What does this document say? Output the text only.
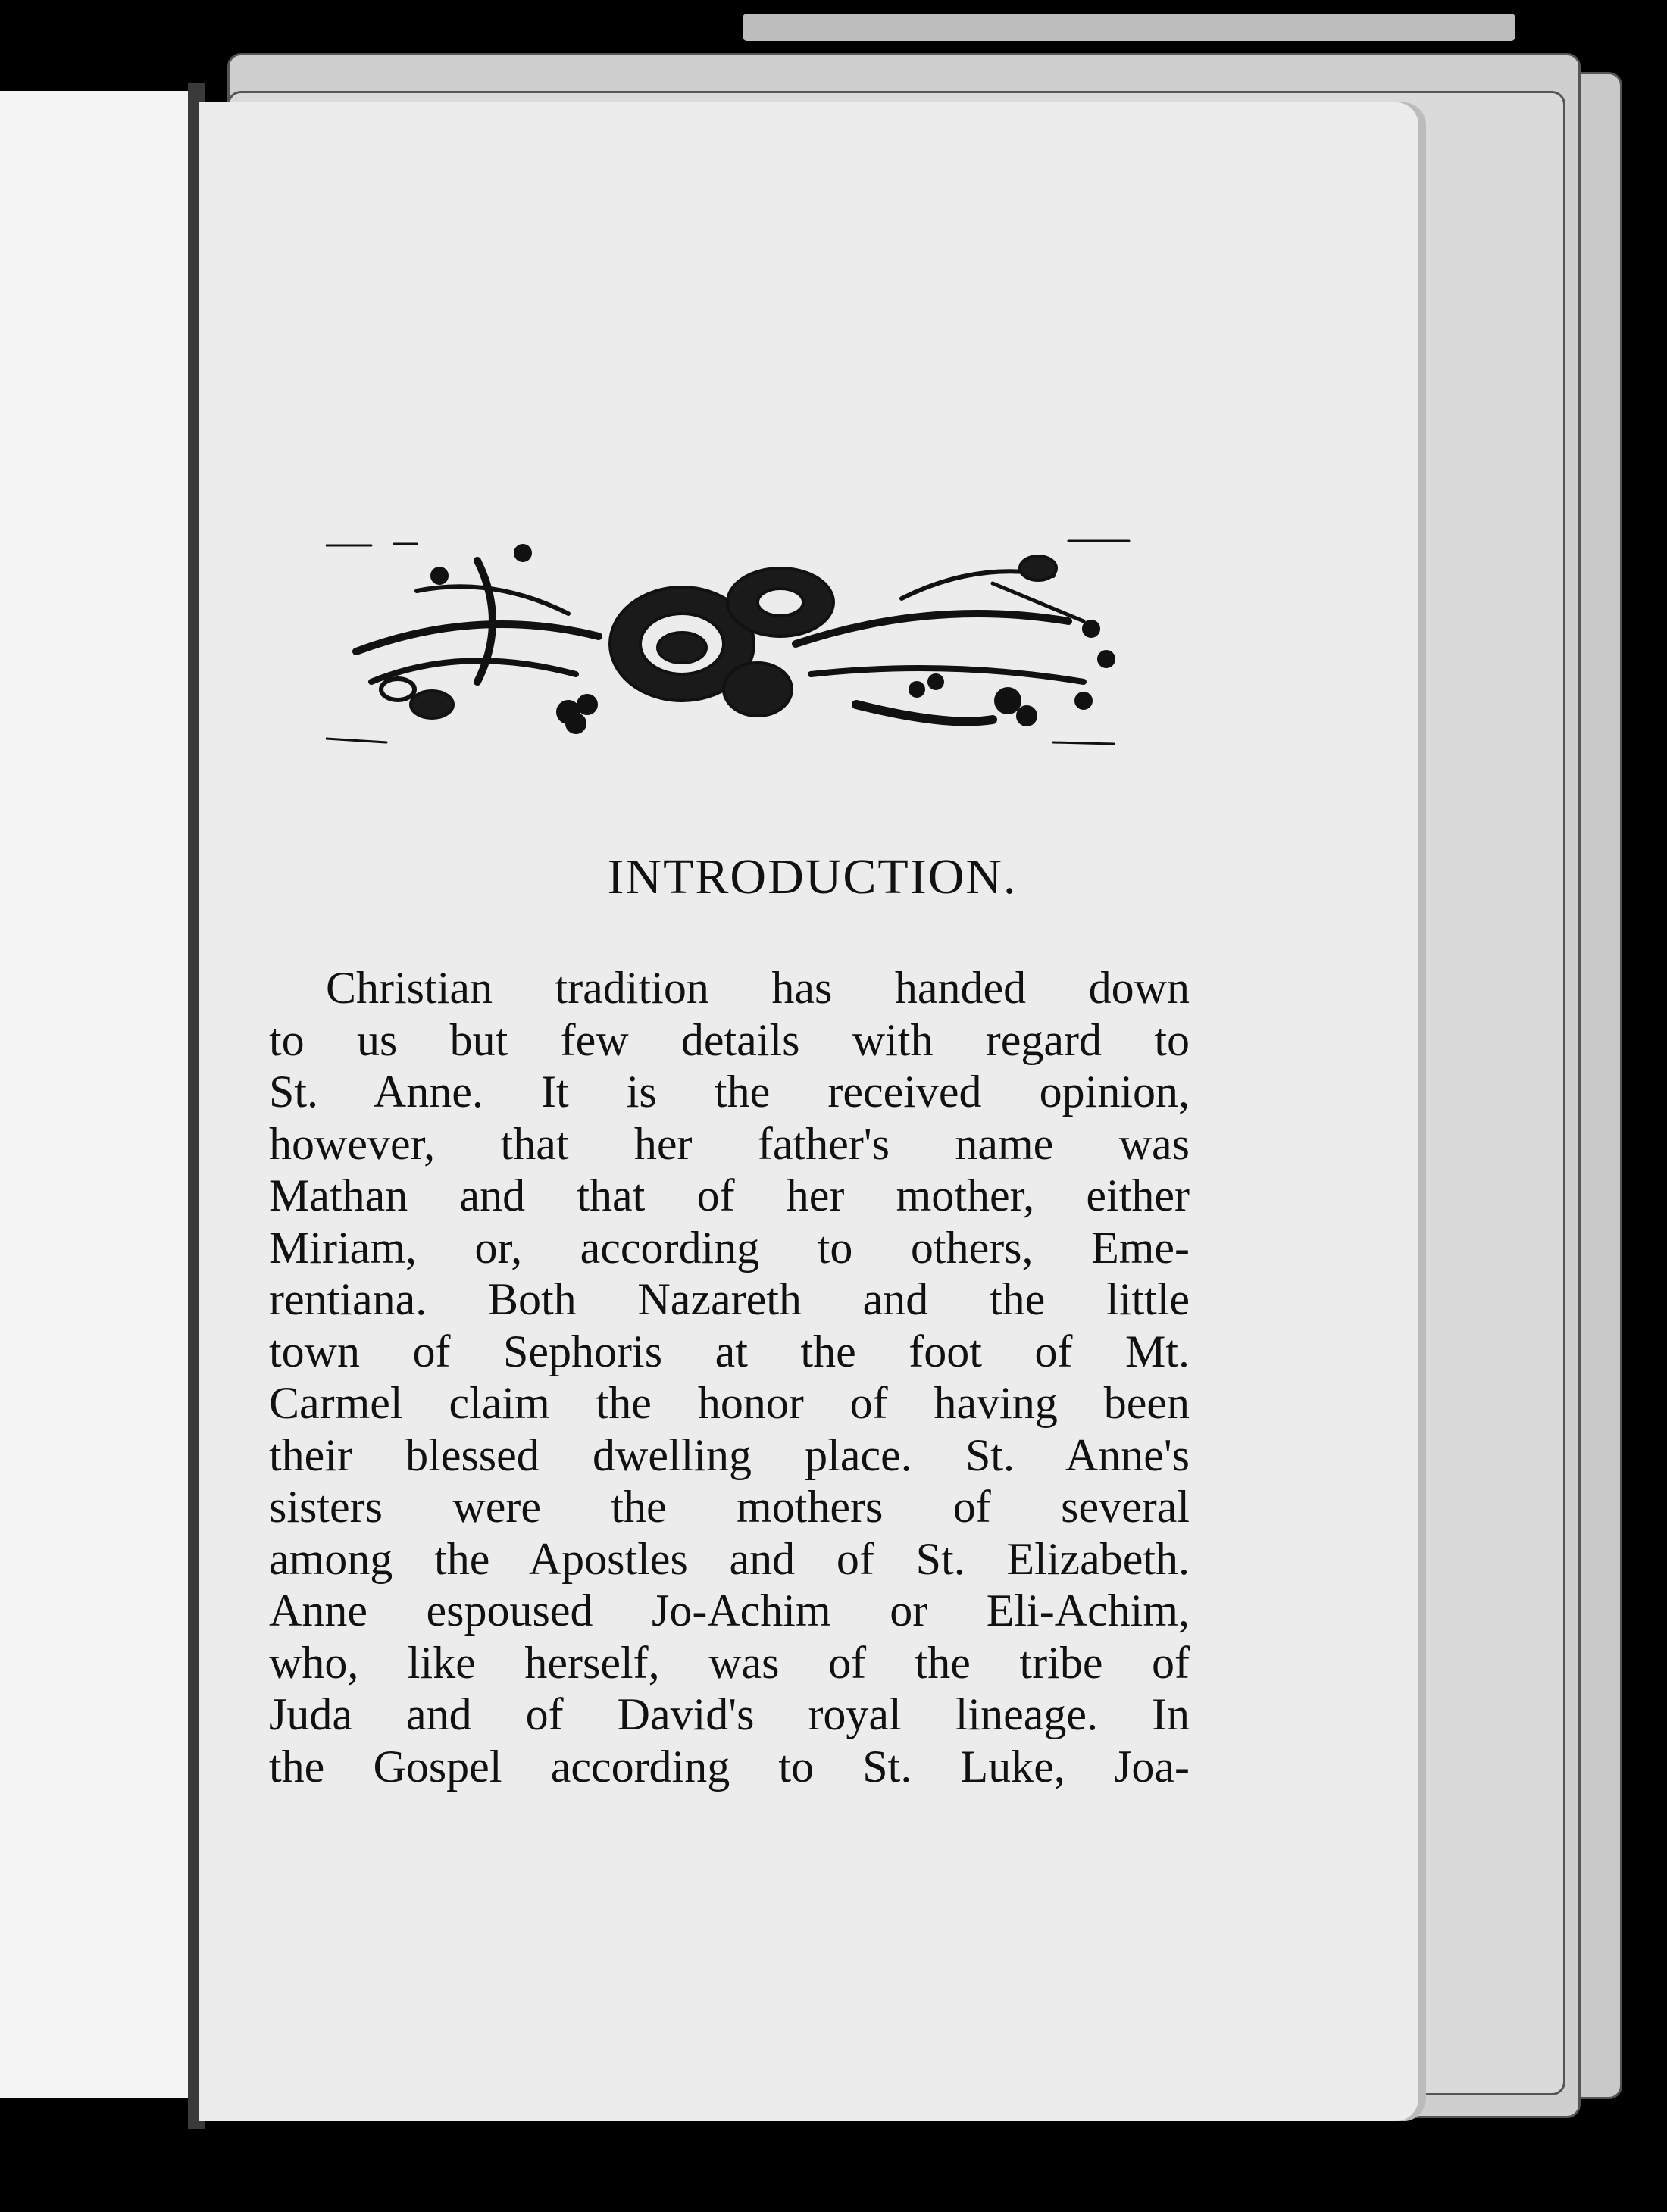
INTRODUCTION.
Christian tradition has handed down
to us but few details with regard to
St. Anne. It is the received opinion,
however, that her father's name was
Mathan and that of her mother, either
Miriam, or, according to others, Eme-
rentiana. Both Nazareth and the little
town of Sephoris at the foot of Mt.
Carmel claim the honor of having been
their blessed dwelling place. St. Anne's
sisters were the mothers of several
among the Apostles and of St. Elizabeth.
Anne espoused Jo-Achim or Eli-Achim,
who, like herself, was of the tribe of
Juda and of David's royal lineage. In
the Gospel according to St. Luke, Joa-
